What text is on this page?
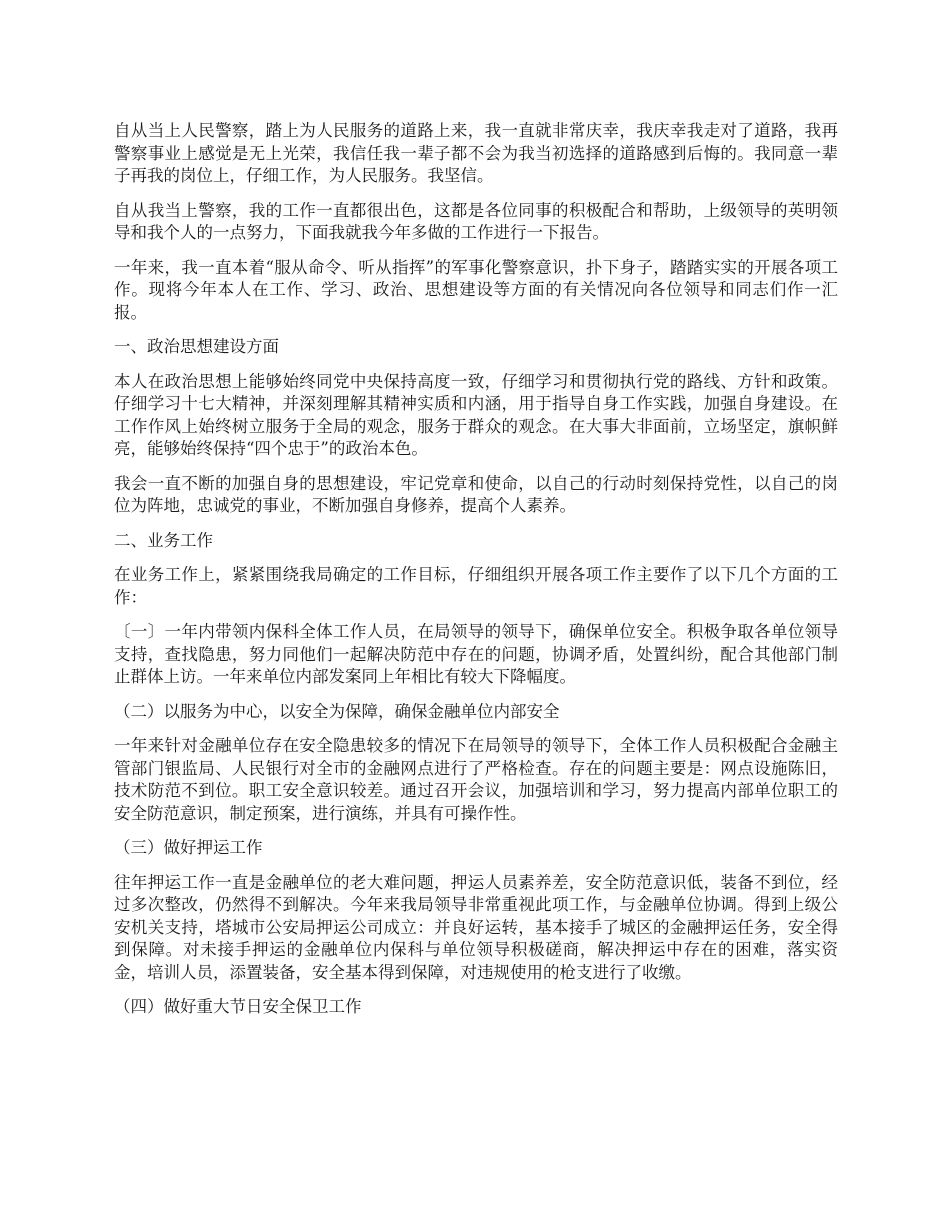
自从当上人民警察，踏上为人民服务的道路上来，我一直就非常庆幸，我庆幸我走对了道路，我再警察事业上感觉是无上光荣，我信任我一辈子都不会为我当初选择的道路感到后悔的。我同意一辈子再我的岗位上，仔细工作，为人民服务。我坚信。

自从我当上警察，我的工作一直都很出色，这都是各位同事的积极配合和帮助，上级领导的英明领导和我个人的一点努力，下面我就我今年多做的工作进行一下报告。

一年来，我一直本着“服从命令、听从指挥”的军事化警察意识，扑下身子，踏踏实实的开展各项工作。现将今年本人在工作、学习、政治、思想建设等方面的有关情况向各位领导和同志们作一汇报。

一、政治思想建设方面

本人在政治思想上能够始终同党中央保持高度一致，仔细学习和贯彻执行党的路线、方针和政策。仔细学习十七大精神，并深刻理解其精神实质和内涵，用于指导自身工作实践，加强自身建设。在工作作风上始终树立服务于全局的观念，服务于群众的观念。在大事大非面前，立场坚定，旗帜鲜亮，能够始终保持“四个忠于”的政治本色。

我会一直不断的加强自身的思想建设，牢记党章和使命，以自己的行动时刻保持党性，以自己的岗位为阵地，忠诚党的事业，不断加强自身修养，提高个人素养。

二、业务工作

在业务工作上，紧紧围绕我局确定的工作目标，仔细组织开展各项工作主要作了以下几个方面的工作：

〔一〕一年内带领内保科全体工作人员，在局领导的领导下，确保单位安全。积极争取各单位领导支持，查找隐患，努力同他们一起解决防范中存在的问题，协调矛盾，处置纠纷，配合其他部门制止群体上访。一年来单位内部发案同上年相比有较大下降幅度。

（二）以服务为中心，以安全为保障，确保金融单位内部安全

一年来针对金融单位存在安全隐患较多的情况下在局领导的领导下，全体工作人员积极配合金融主管部门银监局、人民银行对全市的金融网点进行了严格检查。存在的问题主要是：网点设施陈旧，技术防范不到位。职工安全意识较差。通过召开会议，加强培训和学习，努力提高内部单位职工的安全防范意识，制定预案，进行演练，并具有可操作性。

（三）做好押运工作

往年押运工作一直是金融单位的老大难问题，押运人员素养差，安全防范意识低，装备不到位，经过多次整改，仍然得不到解决。今年来我局领导非常重视此项工作，与金融单位协调。得到上级公安机关支持，塔城市公安局押运公司成立：并良好运转，基本接手了城区的金融押运任务，安全得到保障。对未接手押运的金融单位内保科与单位领导积极磋商，解决押运中存在的困难，落实资金，培训人员，添置装备，安全基本得到保障，对违规使用的枪支进行了收缴。

（四）做好重大节日安全保卫工作
